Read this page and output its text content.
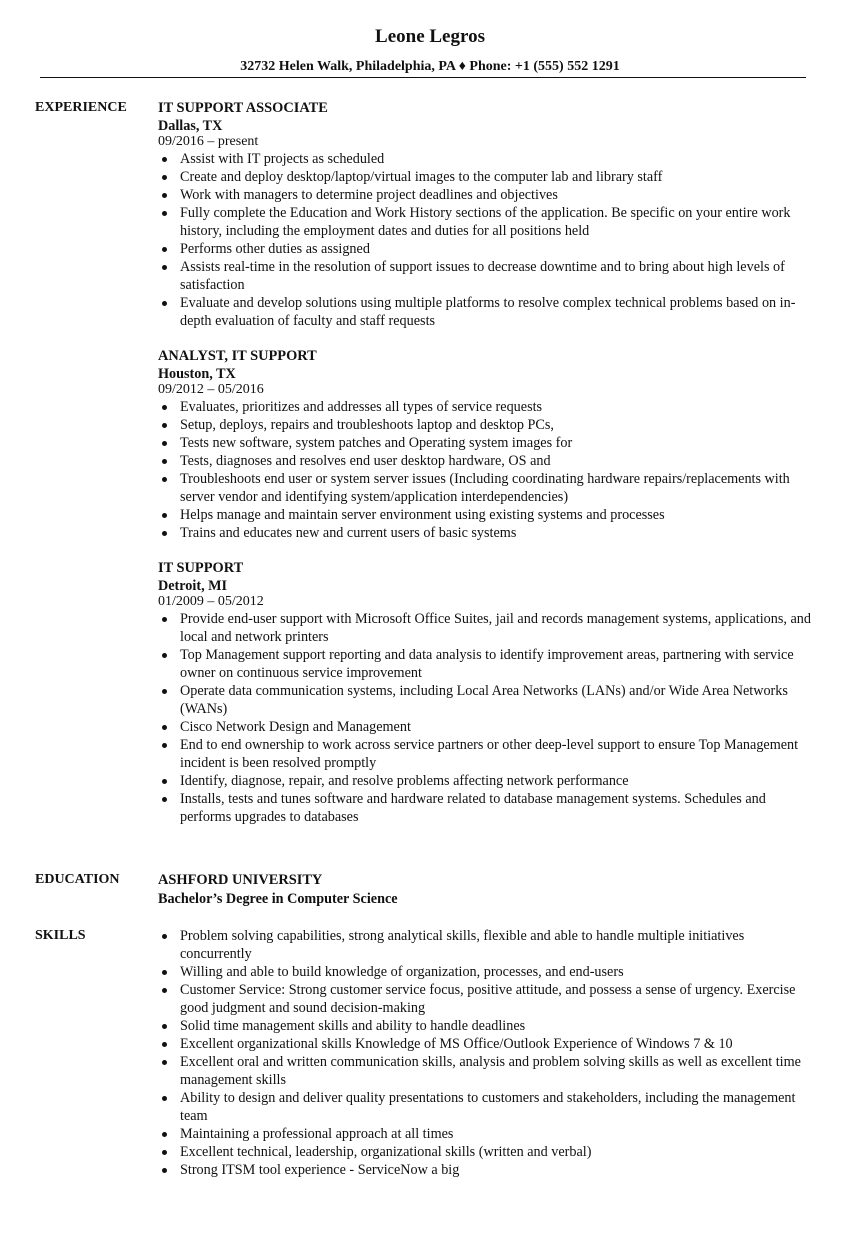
Leone Legros
32732 Helen Walk, Philadelphia, PA ♦ Phone: +1 (555) 552 1291
EXPERIENCE IT SUPPORT ASSOCIATE
Dallas, TX
09/2016 – present
Assist with IT projects as scheduled
Create and deploy desktop/laptop/virtual images to the computer lab and library staff
Work with managers to determine project deadlines and objectives
Fully complete the Education and Work History sections of the application. Be specific on your entire work history, including the employment dates and duties for all positions held
Performs other duties as assigned
Assists real-time in the resolution of support issues to decrease downtime and to bring about high levels of satisfaction
Evaluate and develop solutions using multiple platforms to resolve complex technical problems based on in-depth evaluation of faculty and staff requests
ANALYST, IT SUPPORT
Houston, TX
09/2012 – 05/2016
Evaluates, prioritizes and addresses all types of service requests
Setup, deploys, repairs and troubleshoots laptop and desktop PCs,
Tests new software, system patches and Operating system images for
Tests, diagnoses and resolves end user desktop hardware, OS and
Troubleshoots end user or system server issues (Including coordinating hardware repairs/replacements with server vendor and identifying system/application interdependencies)
Helps manage and maintain server environment using existing systems and processes
Trains and educates new and current users of basic systems
IT SUPPORT
Detroit, MI
01/2009 – 05/2012
Provide end-user support with Microsoft Office Suites, jail and records management systems, applications, and local and network printers
Top Management support reporting and data analysis to identify improvement areas, partnering with service owner on continuous service improvement
Operate data communication systems, including Local Area Networks (LANs) and/or Wide Area Networks (WANs)
Cisco Network Design and Management
End to end ownership to work across service partners or other deep-level support to ensure Top Management incident is been resolved promptly
Identify, diagnose, repair, and resolve problems affecting network performance
Installs, tests and tunes software and hardware related to database management systems. Schedules and performs upgrades to databases
EDUCATION	ASHFORD UNIVERSITY
Bachelor’s Degree in Computer Science
SKILLS	Problem solving capabilities, strong analytical skills, flexible and able to handle multiple initiatives concurrently
Willing and able to build knowledge of organization, processes, and end-users
Customer Service: Strong customer service focus, positive attitude, and possess a sense of urgency. Exercise good judgment and sound decision-making
Solid time management skills and ability to handle deadlines
Excellent organizational skills Knowledge of MS Office/Outlook Experience of Windows 7 & 10
Excellent oral and written communication skills, analysis and problem solving skills as well as excellent time management skills
Ability to design and deliver quality presentations to customers and stakeholders, including the management team
Maintaining a professional approach at all times
Excellent technical, leadership, organizational skills (written and verbal)
Strong ITSM tool experience - ServiceNow a big
